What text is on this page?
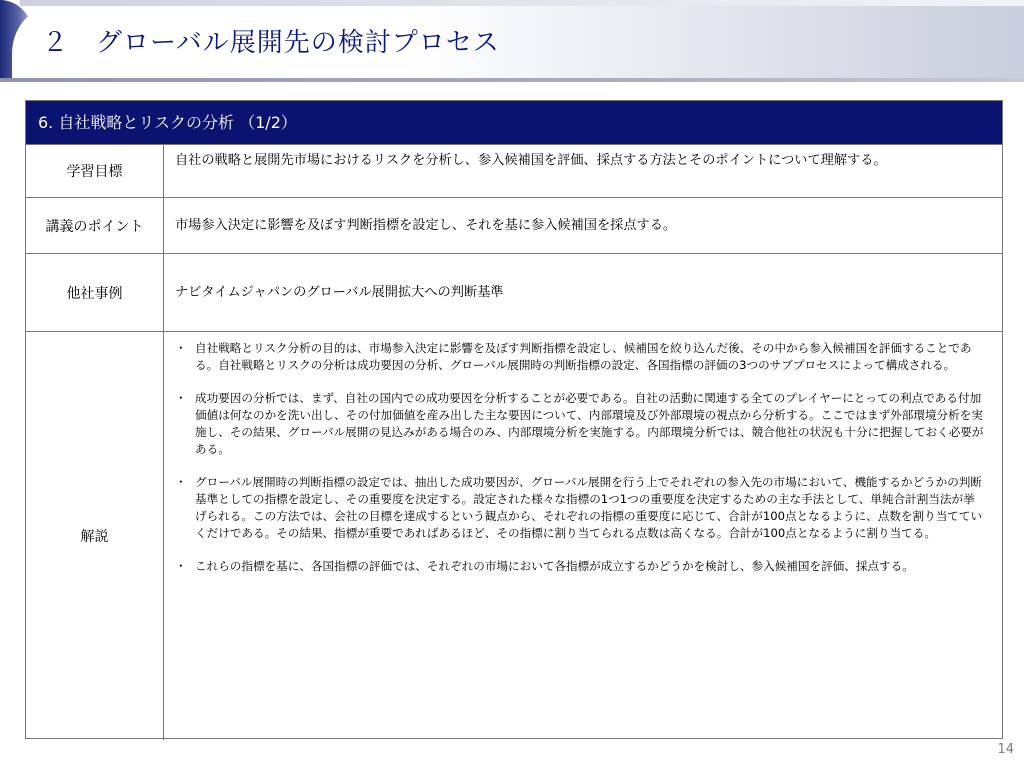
２　グローバル展開先の検討プロセス
6. 自社戦略とリスクの分析 （1/2）
学習目標
自社の戦略と展開先市場におけるリスクを分析し、参入候補国を評価、採点する方法とそのポイントについて理解する。
講義のポイント	市場参入決定に影響を及ぼす判断指標を設定し、それを基に参入候補国を採点する。
他社事例	ナビタイムジャパンのグローバル展開拡大への判断基準
解説
・ 自社戦略とリスク分析の目的は、市場参入決定に影響を及ぼす判断指標を設定し、候補国を絞り込んだ後、その中から参入候補国を評価することである。自社戦略とリスクの分析は成功要因の分析、グローバル展開時の判断指標の設定、各国指標の評価の3つのサブプロセスによって構成される。
・ 成功要因の分析では、まず、自社の国内での成功要因を分析することが必要である。自社の活動に関連する全てのプレイヤーにとっての利点である付加価値は何なのかを洗い出し、その付加価値を産み出した主な要因について、内部環境及び外部環境の視点から分析する。ここではまず外部環境分析を実施し、その結果、グローバル展開の見込みがある場合のみ、内部環境分析を実施する。内部環境分析では、競合他社の状況も十分に把握しておく必要がある。
・ グローバル展開時の判断指標の設定では、抽出した成功要因が、グローバル展開を行う上でそれぞれの参入先の市場において、機能するかどうかの判断基準としての指標を設定し、その重要度を決定する。設定された様々な指標の1つ1つの重要度を決定するための主な手法として、単純合計割当法が挙げられる。この方法では、会社の目標を達成するという観点から、それぞれの指標の重要度に応じて、合計が100点となるように、点数を割り当てていくだけである。その結果、指標が重要であればあるほど、その指標に割り当てられる点数は高くなる。合計が100点となるように割り当てる。
・ これらの指標を基に、各国指標の評価では、それぞれの市場において各指標が成立するかどうかを検討し、参入候補国を評価、採点する。
14
